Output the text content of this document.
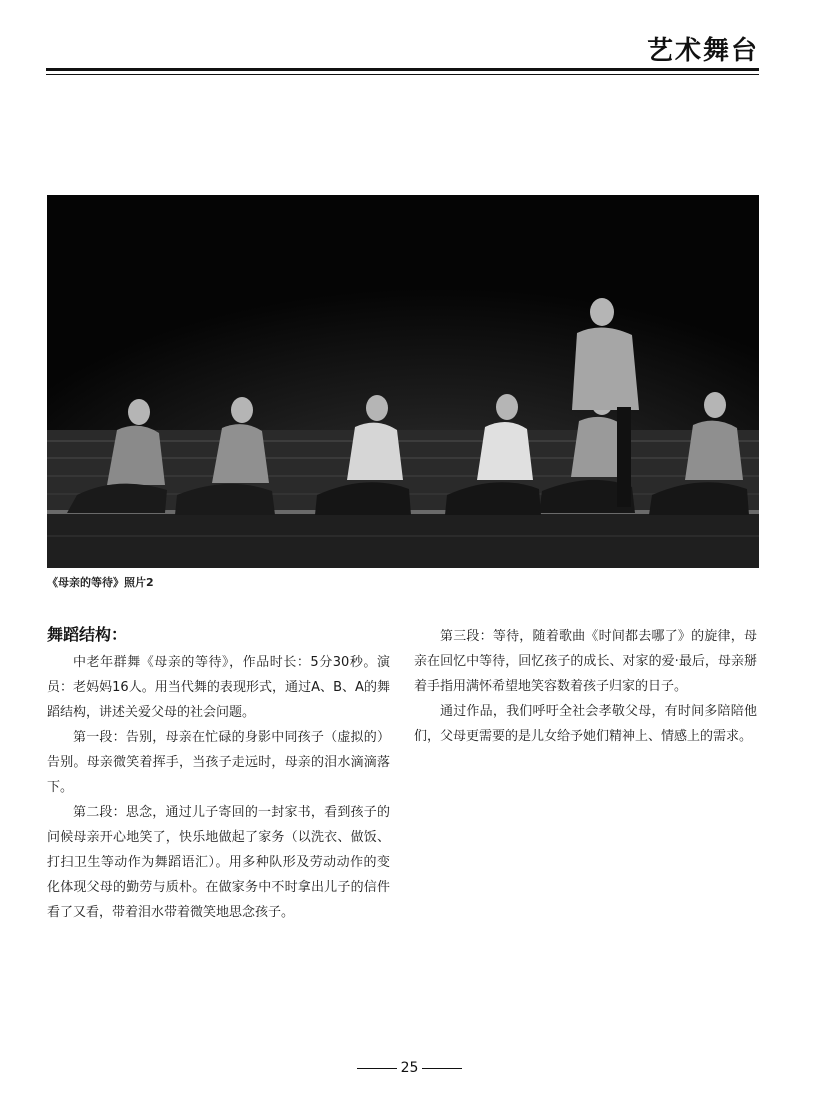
艺术舞台
《母亲的等待》照片2
舞蹈结构：

中老年群舞《母亲的等待》，作品时长：5分30秒。演员：老妈妈16人。用当代舞的表现形式，通过A、B、A的舞蹈结构，讲述关爱父母的社会问题。

第一段：告别，母亲在忙碌的身影中同孩子（虚拟的）告别。母亲微笑着挥手，当孩子走远时，母亲的泪水滴滴落下。

第二段：思念，通过儿子寄回的一封家书，看到孩子的问候母亲开心地笑了，快乐地做起了家务（以洗衣、做饭、打扫卫生等动作为舞蹈语汇）。用多种队形及劳动动作的变化体现父母的勤劳与质朴。在做家务中不时拿出儿子的信件看了又看，带着泪水带着微笑地思念孩子。

第三段：等待，随着歌曲《时间都去哪了》的旋律，母亲在回忆中等待，回忆孩子的成长、对家的爱·最后，母亲掰着手指用满怀希望地笑容数着孩子归家的日子。

通过作品，我们呼吁全社会孝敬父母，有时间多陪陪他们，父母更需要的是儿女给予她们精神上、情感上的需求。

25
